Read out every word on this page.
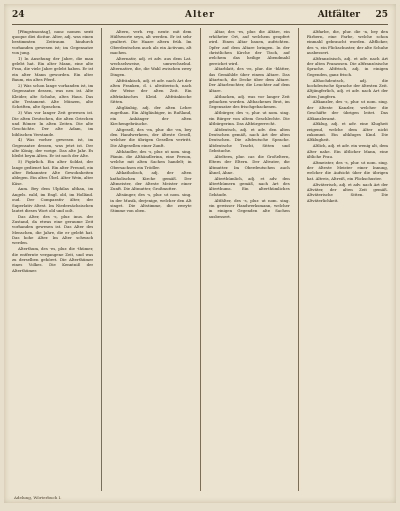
24	Alter	Altfälter 25

[Pfingstmontag], nunc nomen sexti quoque diei dicitur. Alter, adj. was einen bestimmten Zeitraum hindurch vorhanden gewesen ist; im Gegensatze von jung.

1) In Ansehung der Jahre, die man gelebt hat. Ein alter Mann, eine alte Frau, die viele Jahre gelebt haben. Er ist ein alter Mann geworden. Ein alter Baum, ein altes Pferd.

2) Was schon lange vorhanden ist, im Gegensatze dessen, was neu ist. Alte Kleider, alte Schuhe, altes Haus. Das alte Testament. Alte Münzen, alte Schriften, alte Sprachen.

3) Was vor langer Zeit gewesen ist. Die alten Deutschen, die alten Griechen und Römer. In alten Zeiten. Die alte Geschichte. Der alte Adam, im biblischen Verstande.

4) Was vorher gewesen ist, im Gegensatze dessen, was jetzt ist. Der alte König, der vorige. Das alte Jahr. Es bleibt beym Alten. Er ist noch der Alte.

5) Figürlich. Ein alter Soldat, der lange gedienet hat. Ein alter Freund, ein alter Bekannter. Alte Gewohnheiten ablegen. Ein altes Übel. Alter Wein, alter Käse.

Anm. Bey dem Ulphilas althan, im Angels. eald, im Engl. old, im Holländ. oud. Der Comparativ älter, der Superlativ ältest. Im Niedersächsischen lautet dieses Wort old und oolt.

Das Alter, des -s, plur. inus. der Zustand, da etwas eine geraume Zeit vorhanden gewesen ist. Das Alter des Menschen, die Jahre, die er gelebt hat. Das hohe Alter. Im Alter schwach werden.

Alterthum, des -es, plur. die -thümer, die entfernte vergangene Zeit, und was zu derselben gehöret. Die Alterthümer eines Volkes. Die Kenntniß der Alterthümer.

Altern, verb. reg. neutr. mit dem Hülfsworte seyn, alt werden. Er ist sehr gealtert. Die Haare altern früh. Im Oberdeutschen auch als ein Activum, alt machen.

Alternativ, adj. et adv. aus dem Lat. wechselsweise, umwechselnd. Alternative, die, die Wahl zwischen zwey Dingen.

Altfränkisch, adj. et adv. nach Art der alten Franken, d. i. altväterisch, nach der Weise der alten Zeit. Ein altfränkisches Kleid. Altfränkische Sitten.

Altgläubig, adj. der alten Lehre zugethan. Ein Altgläubiger, in Rußland, ein Anhänger der alten Kirchengebräuche.

Altgesell, des -en, plur. die -en, bey den Handwerkern, der älteste Gesell, welcher die übrigen Gesellen vertritt. Die Altgesellen einer Zunft.

Althändler, des -s, plur. ut nom. sing. Fämin. die Althändlerinn, eine Person, welche mit alten Sachen handelt; in Obersachsen ein Trödler.

Altkatholisch, adj. der alten katholischen Kirche gemäß. Der Altmeister, der älteste Meister einer Zunft. Die Altmutter, Großmutter.

Altsänger, des -s, plur. ut nom. sing. in der Musik, derjenige, welcher den Alt singet. Die Altstimme, die zweyte Stimme von oben.

Altar, des -es, plur. die Altäre, ein erhöheter Ort, auf welchem geopfert wird. Einen Altar bauen, aufrichten. Opfer auf dem Altare bringen. In der christlichen Kirche der Tisch, auf welchem das heilige Abendmahl gereichet wird.

Altarblatt, des -es, plur. die -blätter, das Gemählde über einem Altare. Das Altartuch, die Decke über dem Altare. Der Altarleuchter, die Leuchter auf dem Altare.

Altbacken, adj. was vor langer Zeit gebacken worden. Altbackenes Brot, im Gegensatze des frischgebackenen.

Altbürger, des -s, plur. ut nom. sing. ein Bürger von altem Geschlechte. Die Altbürgerinn. Das Altbürgerrecht.

Altdeutsch, adj. et adv. den alten Deutschen gemäß, nach Art der alten Deutschen. Die altdeutsche Sprache. Altdeutsche Tracht, Sitten und Gebräuche.

Alteltern, plur. car. die Großeltern, Eltern der Eltern. Der Altvater, die Altmutter. Im Oberdeutschen auch Ähnel, Ahne.

Alterthümlich, adj. et adv. den Alterthümern gemäß, nach Art des Alterthums. Ein alterthümliches Gebäude.

Altfälter, des -s, plur. ut nom. sing. ein gewisser Handwerksmann, welcher in einigen Gegenden alte Sachen ausbessert.

Altfarbe, die, plur. die -n, bey den Färbern, eine Farbe, welche schon einmahl gebraucht worden. Altflicker, des -s, ein Flickschuster, der alte Schuhe ausbessert.

Altfranzösisch, adj. et adv. nach Art der alten Franzosen. Die altfranzösische Sprache. Altfrisch, adj. in einigen Gegenden, ganz frisch.

Althochdeutsch, adj. die hochdeutsche Sprache der ältesten Zeit. Altjüngferlich, adj. et adv. nach Art der alten Jungfern.

Altkanzler, des -s, plur. ut nom. sing. der älteste Kanzler, welcher die Geschäfte der übrigen leitet. Das Altkanzleramt.

Altklug, adj. et adv. eine Klugheit zeigend, welche dem Alter nicht zukommt. Ein altkluges Kind. Die Altklugheit.

Altlich, adj. et adv. ein wenig alt, dem Alter nahe. Ein ältlicher Mann, eine ältliche Frau.

Altmeister, des -s, plur. ut nom. sing. der älteste Meister einer Innung, welcher die Aufsicht über die übrigen hat. Altreis, Altreiß, ein Flickschuster.

Altväterisch, adj. et adv. nach Art der Altväter, der alten Zeit gemäß. Altväterische Sitten. Die Altväterlichkeit.

Adelung, Wörterbuch I.
